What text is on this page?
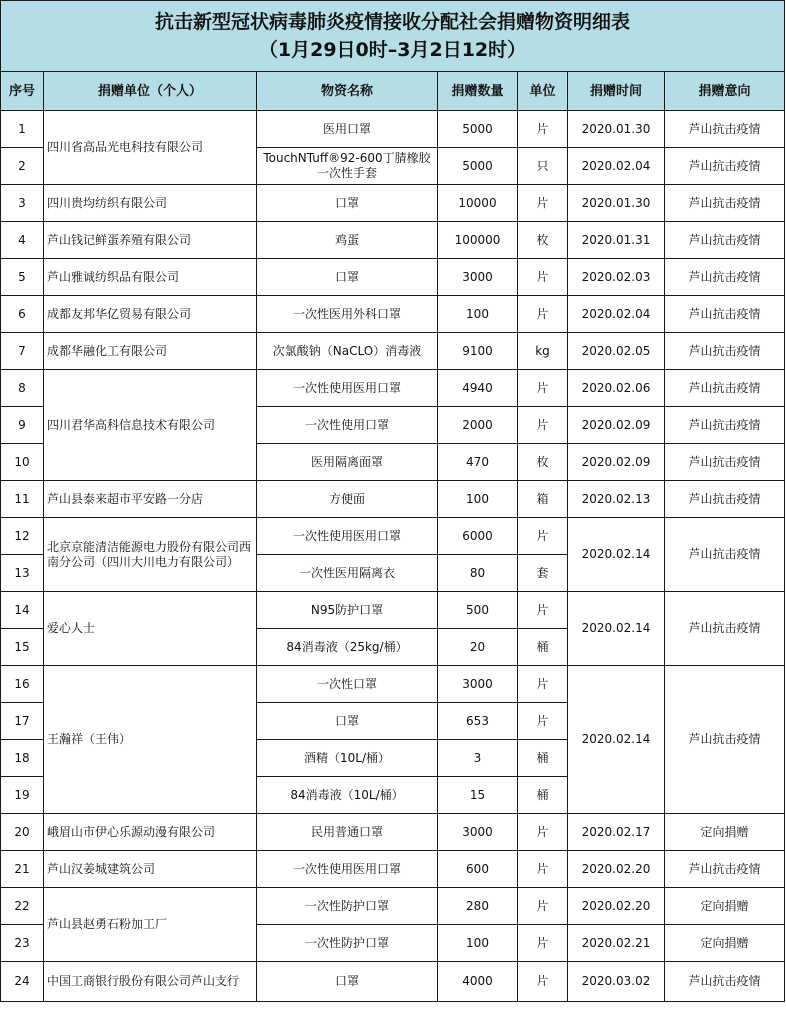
抗击新型冠状病毒肺炎疫情接收分配社会捐赠物资明细表
（1月29日0时–3月2日12时）						

序号	捐赠单位（个人）	物资名称	捐赠数量	单位	捐赠时间	捐赠意向
1	四川省高品光电科技有限公司	医用口罩	5000	片	2020.01.30	芦山抗击疫情
2		TouchNTuff®92-600丁腈橡胶一次性手套	5000	只	2020.02.04	芦山抗击疫情
3	四川贵均纺织有限公司	口罩	10000	片	2020.01.30	芦山抗击疫情
4	芦山钱记鲜蛋养殖有限公司	鸡蛋	100000	枚	2020.01.31	芦山抗击疫情
5	芦山雅诚纺织品有限公司	口罩	3000	片	2020.02.03	芦山抗击疫情
6	成都友邦华亿贸易有限公司	一次性医用外科口罩	100	片	2020.02.04	芦山抗击疫情
7	成都华融化工有限公司	次氯酸钠（NaCLO）消毒液	9100	kg	2020.02.05	芦山抗击疫情
8	四川君华高科信息技术有限公司	一次性使用医用口罩	4940	片	2020.02.06	芦山抗击疫情
9		一次性使用口罩	2000	片	2020.02.09	芦山抗击疫情
10		医用隔离面罩	470	枚	2020.02.09	芦山抗击疫情
11	芦山县泰来超市平安路一分店	方便面	100	箱	2020.02.13	芦山抗击疫情
12	北京京能清洁能源电力股份有限公司西南分公司（四川大川电力有限公司）	一次性使用医用口罩	6000	片	2020.02.14	芦山抗击疫情
13		一次性医用隔离衣	80	套		
14	爱心人士	N95防护口罩	500	片	2020.02.14	芦山抗击疫情
15		84消毒液（25kg/桶）	20	桶		
16	王瀚祥（王伟）	一次性口罩	3000	片	2020.02.14	芦山抗击疫情
17		口罩	653	片		
18		酒精（10L/桶）	3	桶		
19		84消毒液（10L/桶）	15	桶		
20	峨眉山市伊心乐源动漫有限公司	民用普通口罩	3000	片	2020.02.17	定向捐赠
21	芦山汉姜城建筑公司	一次性使用医用口罩	600	片	2020.02.20	芦山抗击疫情
22	芦山县赵勇石粉加工厂	一次性防护口罩	280	片	2020.02.20	定向捐赠
23		一次性防护口罩	100	片	2020.02.21	定向捐赠
24	中国工商银行股份有限公司芦山支行	口罩	4000	片	2020.03.02	芦山抗击疫情
